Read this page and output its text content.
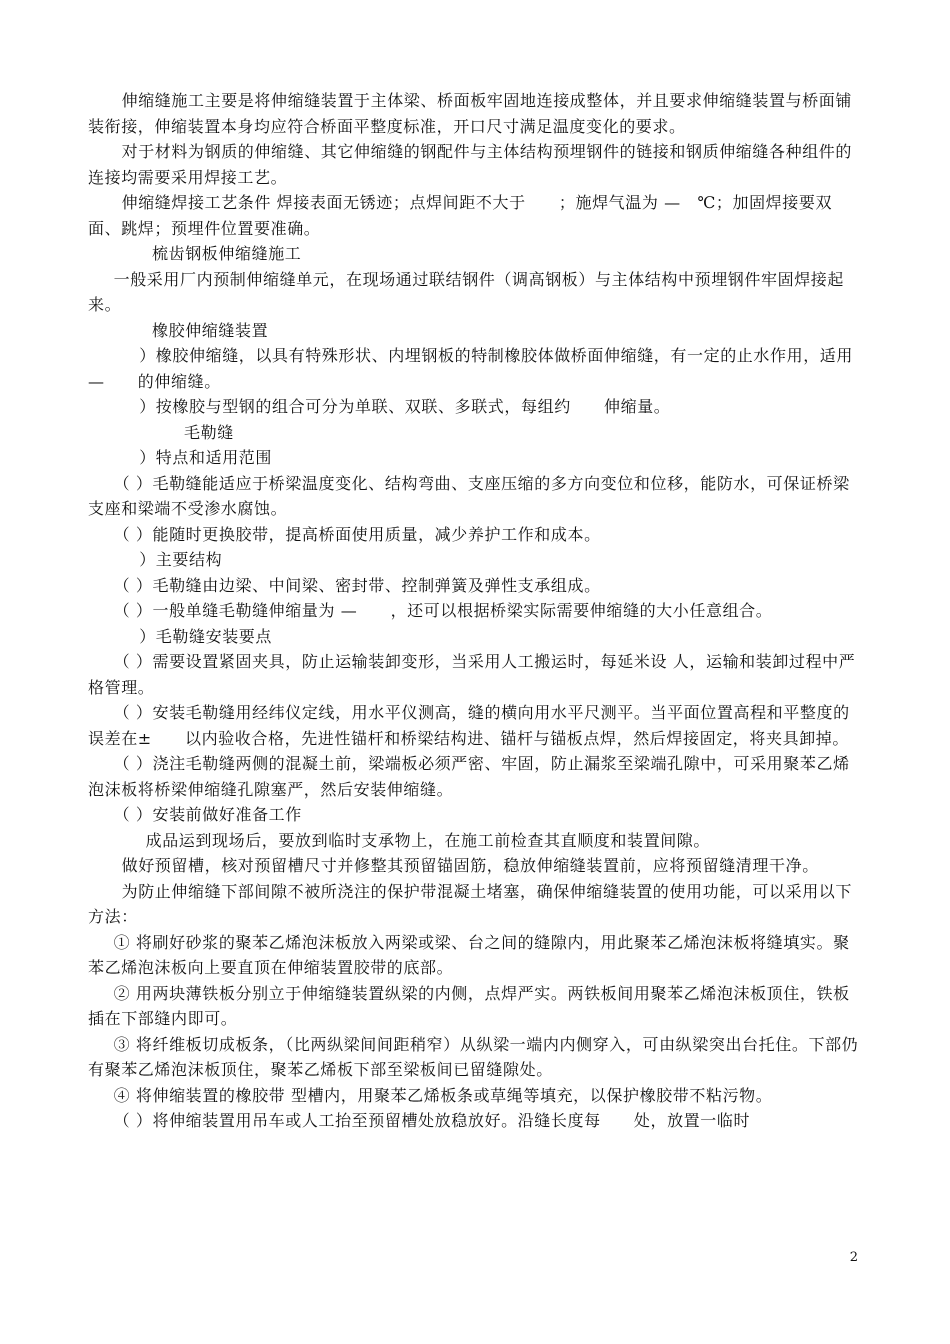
伸缩缝施工主要是将伸缩缝装置于主体梁、桥面板牢固地连接成整体，并且要求伸缩缝装置与桥面铺装衔接，伸缩装置本身均应符合桥面平整度标准，开口尺寸满足温度变化的要求。

对于材料为钢质的伸缩缝、其它伸缩缝的钢配件与主体结构预埋钢件的链接和钢质伸缩缝各种组件的连接均需要采用焊接工艺。

伸缩缝焊接工艺条件 焊接表面无锈迹；点焊间距不大于　　；施焊气温为 —　℃；加固焊接要双面、跳焊；预埋件位置要准确。

梳齿钢板伸缩缝施工

一般采用厂内预制伸缩缝单元，在现场通过联结钢件（调高钢板）与主体结构中预埋钢件牢固焊接起来。

橡胶伸缩缝装置

）橡胶伸缩缝，以具有特殊形状、内埋钢板的特制橡胶体做桥面伸缩缝，有一定的止水作用，适用　—　　的伸缩缝。

）按橡胶与型钢的组合可分为单联、双联、多联式，每组约　　伸缩量。

毛勒缝

）特点和适用范围

（ ）毛勒缝能适应于桥梁温度变化、结构弯曲、支座压缩的多方向变位和位移，能防水，可保证桥梁支座和梁端不受渗水腐蚀。

（ ）能随时更换胶带，提高桥面使用质量，减少养护工作和成本。

）主要结构

（ ）毛勒缝由边梁、中间梁、密封带、控制弹簧及弹性支承组成。

（ ）一般单缝毛勒缝伸缩量为 —　　，还可以根据桥梁实际需要伸缩缝的大小任意组合。

）毛勒缝安装要点

（ ）需要设置紧固夹具，防止运输装卸变形，当采用人工搬运时，每延米设 人，运输和装卸过程中严格管理。

（ ）安装毛勒缝用经纬仪定线，用水平仪测高，缝的横向用水平尺测平。当平面位置高程和平整度的误差在±　　以内验收合格，先进性锚杆和桥梁结构进、锚杆与锚板点焊，然后焊接固定，将夹具卸掉。

（ ）浇注毛勒缝两侧的混凝土前，梁端板必须严密、牢固，防止漏浆至梁端孔隙中，可采用聚苯乙烯泡沫板将桥梁伸缩缝孔隙塞严，然后安装伸缩缝。

（ ）安装前做好准备工作

成品运到现场后，要放到临时支承物上，在施工前检查其直顺度和装置间隙。

做好预留槽，核对预留槽尺寸并修整其预留锚固筋，稳放伸缩缝装置前，应将预留缝清理干净。

为防止伸缩缝下部间隙不被所浇注的保护带混凝土堵塞，确保伸缩缝装置的使用功能，可以采用以下方法：

① 将刷好砂浆的聚苯乙烯泡沫板放入两梁或梁、台之间的缝隙内，用此聚苯乙烯泡沫板将缝填实。聚苯乙烯泡沫板向上要直顶在伸缩装置胶带的底部。

② 用两块薄铁板分别立于伸缩缝装置纵梁的内侧，点焊严实。两铁板间用聚苯乙烯泡沫板顶住，铁板插在下部缝内即可。

③ 将纤维板切成板条，（比两纵梁间间距稍窄）从纵梁一端内内侧穿入，可由纵梁突出台托住。下部仍有聚苯乙烯泡沫板顶住，聚苯乙烯板下部至梁板间已留缝隙处。

④ 将伸缩装置的橡胶带 型槽内，用聚苯乙烯板条或草绳等填充，以保护橡胶带不粘污物。

（ ）将伸缩装置用吊车或人工抬至预留槽处放稳放好。沿缝长度每　　处，放置一临时

2
